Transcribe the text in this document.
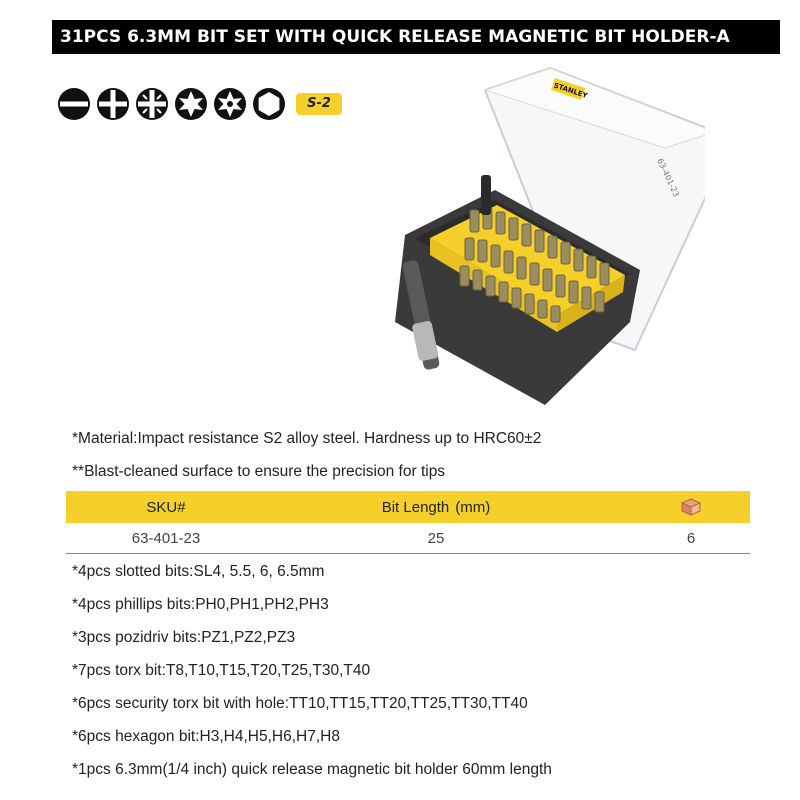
31PCS 6.3MM BIT SET WITH QUICK RELEASE MAGNETIC BIT HOLDER-A
S-2
STANLEY
63-401-23
*Material:Impact resistance S2 alloy steel. Hardness up to HRC60±2
**Blast-cleaned surface to ensure the precision for tips
SKU#	Bit Length (mm)
63-401-23	25	6
*4pcs slotted bits:SL4, 5.5, 6, 6.5mm
*4pcs phillips bits:PH0,PH1,PH2,PH3
*3pcs pozidriv bits:PZ1,PZ2,PZ3
*7pcs torx bit:T8,T10,T15,T20,T25,T30,T40
*6pcs security torx bit with hole:TT10,TT15,TT20,TT25,TT30,TT40
*6pcs hexagon bit:H3,H4,H5,H6,H7,H8
*1pcs 6.3mm(1/4 inch) quick release magnetic bit holder 60mm length
